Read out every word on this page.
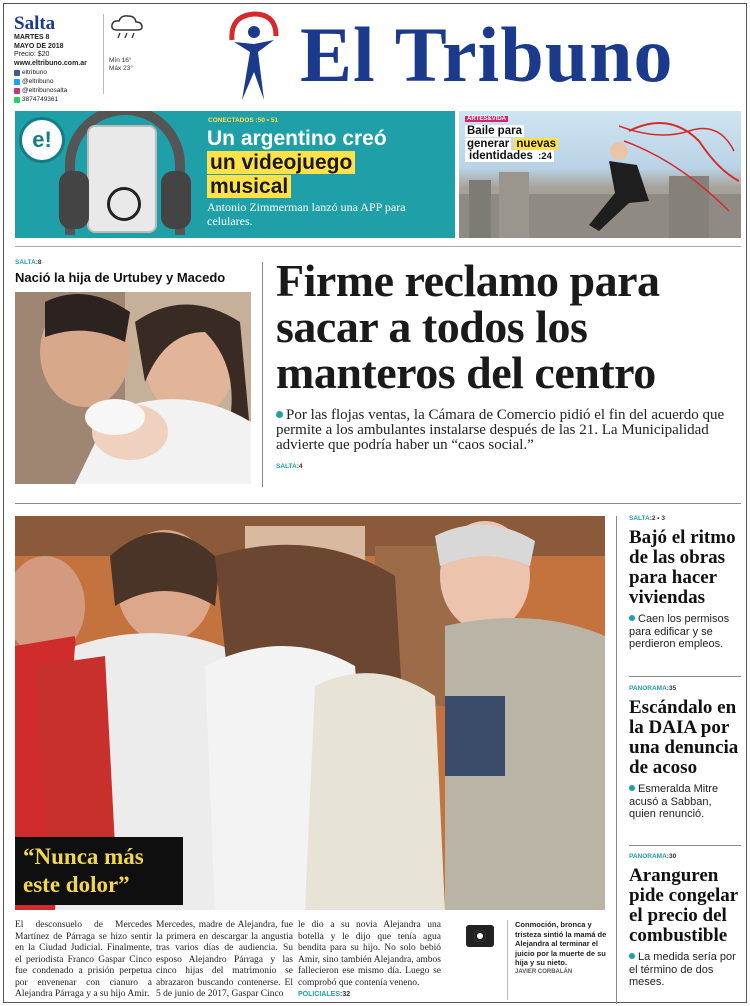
Salta
MARTES 8
MAYO DE 2018
Precio: $20
www.eltribuno.com.ar
eltribuno
@eltribuno
@eltribunosalta
3874749361
Mín 16°
Máx 23° El Tribuno
e!
CONECTADOS :50 • 51
Un argentino creó
un videojuego
musical
Antonio Zimmerman lanzó una APP para celulares.
ARTES&VIDA
Baile para
generar nuevas
identidades :24
SALTA:8
Nació la hija de Urtubey y Macedo	Firme reclamo para sacar a todos los manteros del centro
Por las flojas ventas, la Cámara de Comercio pidió el fin del acuerdo que permite a los ambulantes instalarse después de las 21. La Municipalidad advierte que podría haber un “caos social.”
SALTA:4
“Nunca más este dolor”
SALTA:2 • 3
Bajó el ritmo de las obras para hacer viviendas
Caen los permisos para edificar y se perdieron empleos.
PANORAMA:35
Escándalo en la DAIA por una denuncia de acoso
Esmeralda Mitre acusó a Sabban, quien renunció.
PANORAMA:30
Aranguren pide congelar el precio del combustible
La medida sería por el término de dos meses.
El desconsuelo de Mercedes Martínez de Párraga se hizo sentir en la Ciudad Judicial. Finalmente, el periodista Franco Gaspar Cinco fue condenado a prisión perpetua por envenenar con cianuro a Alejandra Párraga y a su hijo Amir.
Mercedes, madre de Alejandra, fue la primera en descargar la angustia tras varios días de audiencia. Su esposo Alejandro Párraga y las cinco hijas del matrimonio se abrazaron buscando contenerse. El 5 de junio de 2017, Gaspar Cinco
le dio a su novia Alejandra una botella y le dijo que tenía agua bendita para su hijo. No solo bebió Amir, sino también Alejandra, ambos fallecieron ese mismo día. Luego se comprobó que contenía veneno.
POLICIALES:32
Conmoción, bronca y tristeza sintió la mamá de Alejandra al terminar el juicio por la muerte de su hija y su nieto.
JAVIER CORBALÁN
